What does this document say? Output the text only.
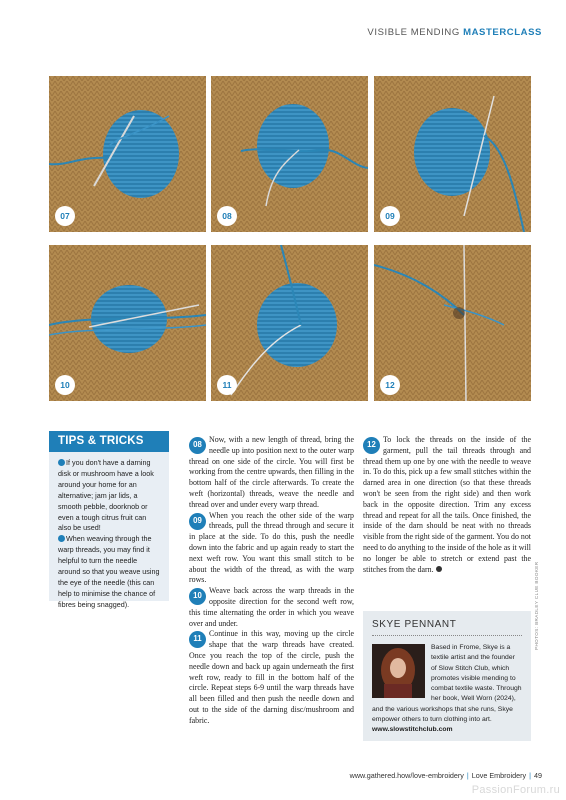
VISIBLE MENDING MASTERCLASS
07	08	09
10	11	12
TIPS & TRICKS

If you don't have a darning disk or mushroom have a look around your home for an alternative; jam jar lids, a smooth pebble, doorknob or even a tough citrus fruit can also be used!

When weaving through the warp threads, you may find it helpful to turn the needle around so that you weave using the eye of the needle (this can help to minimise the chance of fibres being snagged).

08
Now, with a new length of thread, bring the needle up into position next to the outer warp thread on one side of the circle. You will first be working from the centre upwards, then filling in the bottom half of the circle afterwards. To create the weft (horizontal) threads, weave the needle and thread over and under every warp thread.

09
When you reach the other side of the warp threads, pull the thread through and secure it in place at the side. To do this, push the needle down into the fabric and up again ready to start the next weft row. You want this small stitch to be about the width of the thread, as with the warp rows.

10
Weave back across the warp threads in the opposite direction for the second weft row, this time alternating the order in which you weave over and under.

11
Continue in this way, moving up the circle shape that the warp threads have created. Once you reach the top of the circle, push the needle down and back up again underneath the first weft row, ready to fill in the bottom half of the circle. Repeat steps 6-9 until the warp threads have all been filled and then push the needle down and out to the side of the darning disc/mushroom and fabric.

12
To lock the threads on the inside of the garment, pull the tail threads through and thread them up one by one with the needle to weave in. To do this, pick up a few small stitches within the darned area in one direction (so that these threads won't be seen from the right side) and then work back in the opposite direction. Trim any excess thread and repeat for all the tails. Once finished, the inside of the darn should be neat with no threads visible from the right side of the garment. You do not need to do anything to the inside of the hole as it will no longer be able to stretch or extend past the stitches from the darn.

SKYE PENNANT
Based in Frome, Skye is a textile artist and the founder of Slow Stitch Club, which promotes visible mending to combat textile waste. Through her book, Well Worn (2024), and the various workshops that she runs, Skye empower others to turn clothing into art.
www.slowstitchclub.com
PHOTOS: BRADLEY CLUE BOOKER
www.gathered.how/love-embroidery | Love Embroidery | 49
PassionForum.ru
